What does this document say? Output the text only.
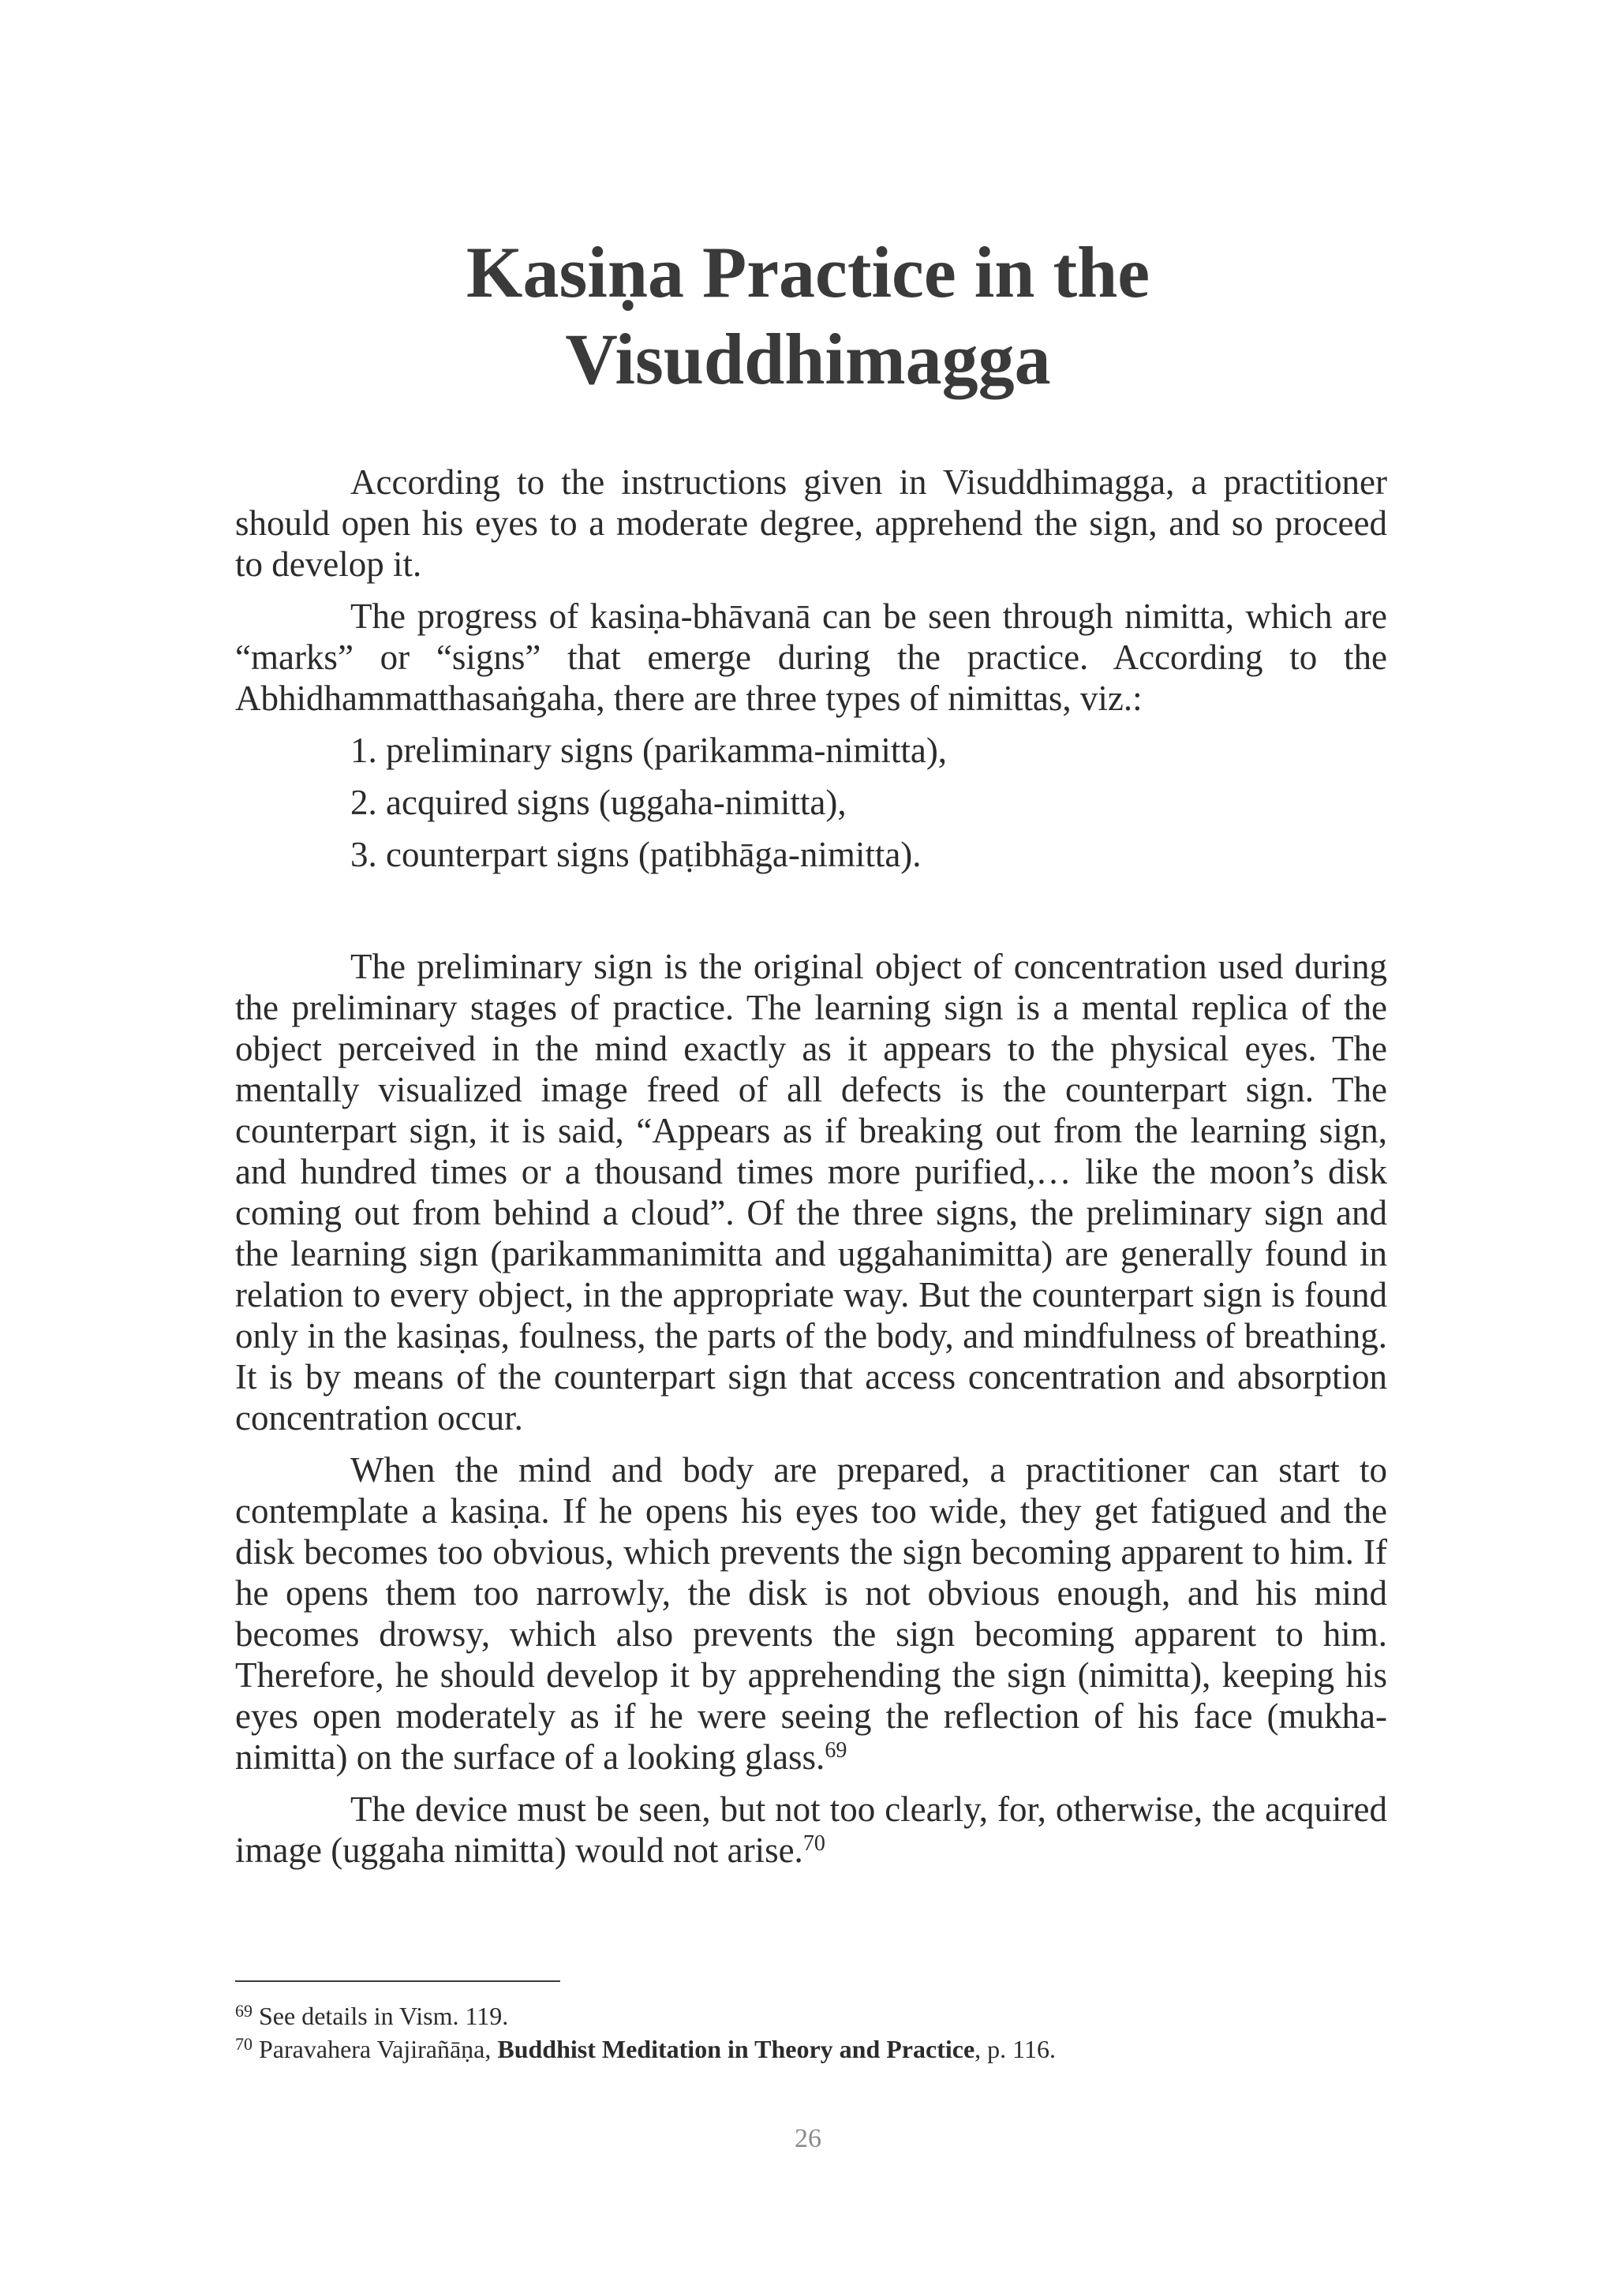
Kasiṇa Practice in the
Visuddhimagga

According to the instructions given in Visuddhimagga, a practitioner should open his eyes to a moderate degree, apprehend the sign, and so proceed to develop it.

The progress of kasiṇa-bhāvanā can be seen through nimitta, which are “marks” or “signs” that emerge during the practice. According to the Abhidhammatthasaṅgaha, there are three types of nimittas, viz.:

1. preliminary signs (parikamma-nimitta),
2. acquired signs (uggaha-nimitta),
3. counterpart signs (paṭibhāga-nimitta).

The preliminary sign is the original object of concentration used during the preliminary stages of practice. The learning sign is a mental replica of the object perceived in the mind exactly as it appears to the physical eyes. The mentally visualized image freed of all defects is the counterpart sign. The counterpart sign, it is said, “Appears as if breaking out from the learning sign, and hundred times or a thousand times more purified,… like the moon’s disk coming out from behind a cloud”. Of the three signs, the preliminary sign and the learning sign (parikammanimitta and uggahanimitta) are generally found in relation to every object, in the appropriate way. But the counterpart sign is found only in the kasiṇas, foulness, the parts of the body, and mindfulness of breathing. It is by means of the counterpart sign that access concentration and absorption concentration occur.

When the mind and body are prepared, a practitioner can start to contemplate a kasiṇa. If he opens his eyes too wide, they get fatigued and the disk becomes too obvious, which prevents the sign becoming apparent to him. If he opens them too narrowly, the disk is not obvious enough, and his mind becomes drowsy, which also prevents the sign becoming apparent to him. Therefore, he should develop it by apprehending the sign (nimitta), keeping his eyes open moderately as if he were seeing the reflection of his face (mukha-nimitta) on the surface of a looking glass.$^{69}$

The device must be seen, but not too clearly, for, otherwise, the acquired image (uggaha nimitta) would not arise.$^{70}$

$^{69}$ See details in Vism. 119.
$^{70}$ Paravahera Vajirañāṇa, Buddhist Meditation in Theory and Practice, p. 116.
26
